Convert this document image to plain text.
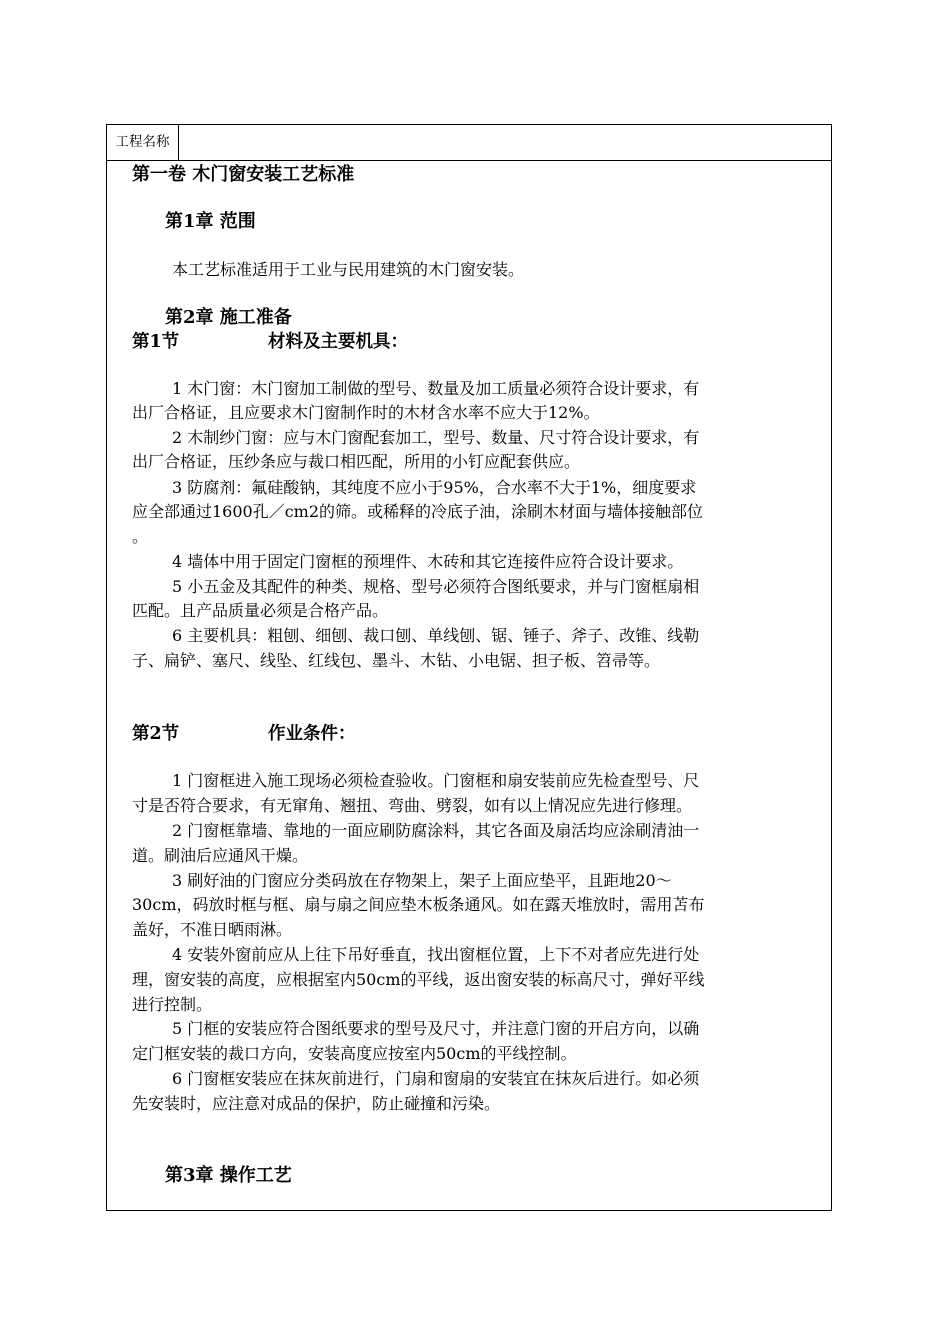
工程名称
第一卷 木门窗安装工艺标准
第1章 范围
本工艺标准适用于工业与民用建筑的木门窗安装。
第2章 施工准备
第1节	材料及主要机具：
1 木门窗：木门窗加工制做的型号、数量及加工质量必须符合设计要求，有
出厂合格证，且应要求木门窗制作时的木材含水率不应大于12%。
2 木制纱门窗：应与木门窗配套加工，型号、数量、尺寸符合设计要求，有
出厂合格证，压纱条应与裁口相匹配，所用的小钉应配套供应。
3 防腐剂：氟硅酸钠，其纯度不应小于95%，合水率不大于1%，细度要求
应全部通过1600孔／cm2的筛。或稀释的冷底子油，涂刷木材面与墙体接触部位
。
4 墙体中用于固定门窗框的预埋件、木砖和其它连接件应符合设计要求。
5 小五金及其配件的种类、规格、型号必须符合图纸要求，并与门窗框扇相
匹配。且产品质量必须是合格产品。
6 主要机具：粗刨、细刨、裁口刨、单线刨、锯、锤子、斧子、改锥、线勒
子、扁铲、塞尺、线坠、红线包、墨斗、木钻、小电锯、担子板、笤帚等。
第2节	作业条件：
1 门窗框进入施工现场必须检查验收。门窗框和扇安装前应先检查型号、尺
寸是否符合要求，有无窜角、翘扭、弯曲、劈裂，如有以上情况应先进行修理。
2 门窗框靠墙、靠地的一面应刷防腐涂料，其它各面及扇活均应涂刷清油一
道。刷油后应通风干燥。
3 刷好油的门窗应分类码放在存物架上，架子上面应垫平，且距地20～
30cm，码放时框与框、扇与扇之间应垫木板条通风。如在露天堆放时，需用苫布
盖好，不准日晒雨淋。
4 安装外窗前应从上往下吊好垂直，找出窗框位置，上下不对者应先进行处
理，窗安装的高度，应根据室内50cm的平线，返出窗安装的标高尺寸，弹好平线
进行控制。
5 门框的安装应符合图纸要求的型号及尺寸，并注意门窗的开启方向，以确
定门框安装的裁口方向，安装高度应按室内50cm的平线控制。
6 门窗框安装应在抹灰前进行，门扇和窗扇的安装宜在抹灰后进行。如必须
先安装时，应注意对成品的保护，防止碰撞和污染。
第3章 操作工艺
